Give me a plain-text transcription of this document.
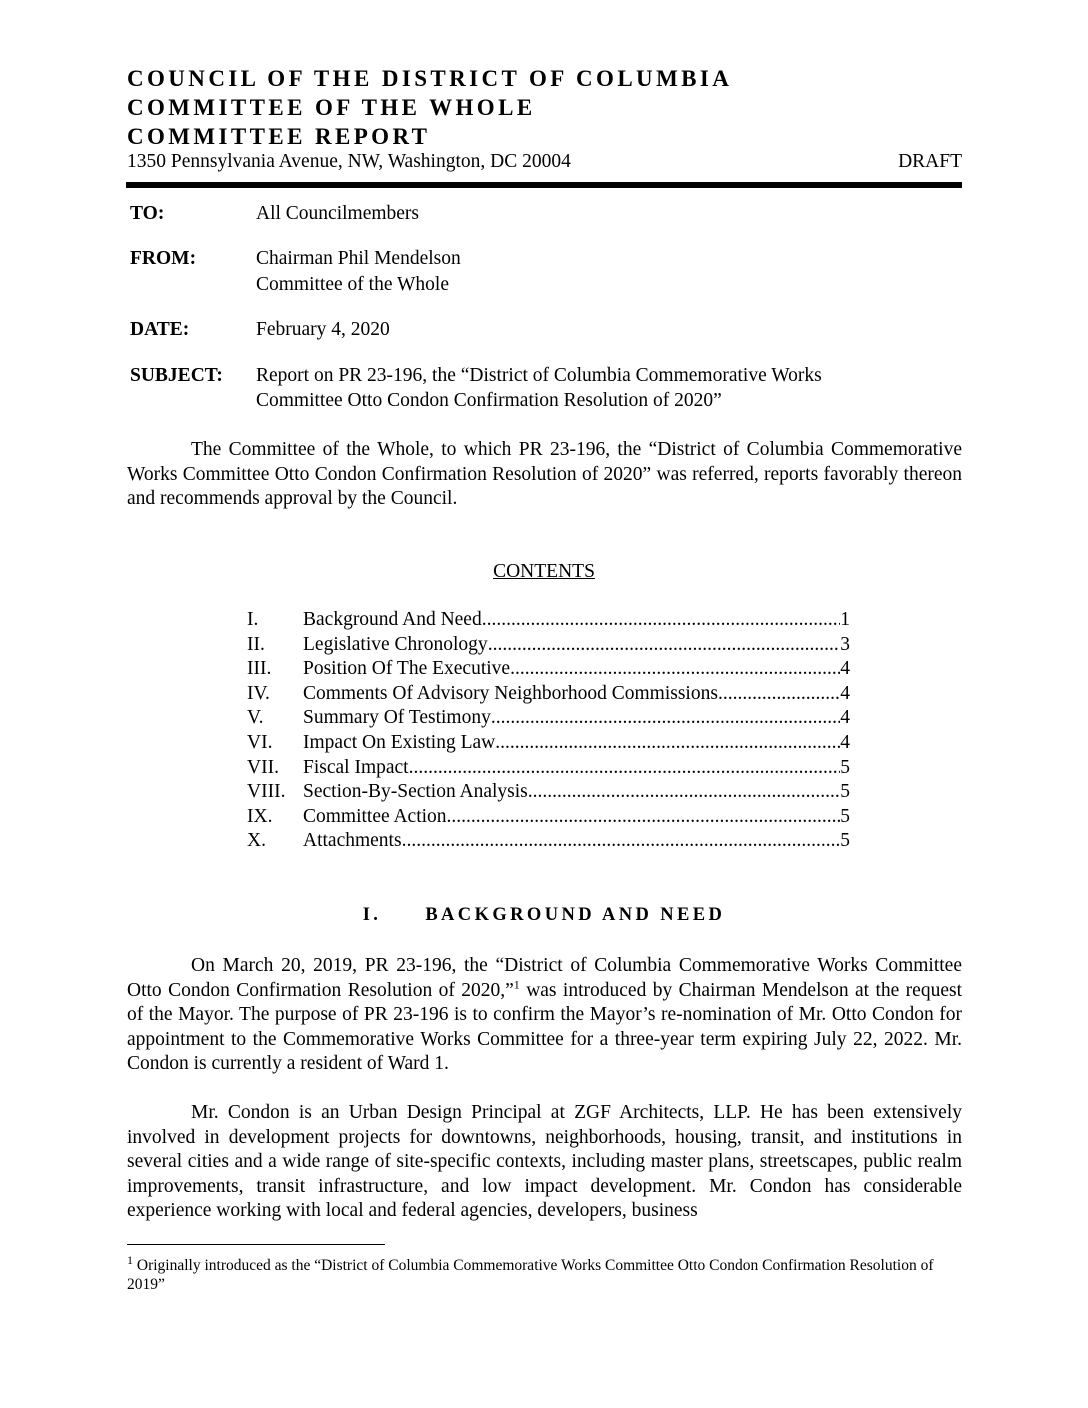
COUNCIL OF THE DISTRICT OF COLUMBIA
COMMITTEE OF THE WHOLE
COMMITTEE REPORT
1350 Pennsylvania Avenue, NW, Washington, DC 20004	DRAFT
TO:	All Councilmembers
FROM:	Chairman Phil Mendelson
Committee of the Whole
DATE:	February 4, 2020
SUBJECT: Report on PR 23-196, the “District of Columbia Commemorative Works
Committee Otto Condon Confirmation Resolution of 2020”

The Committee of the Whole, to which PR 23-196, the “District of Columbia Commemorative Works Committee Otto Condon Confirmation Resolution of 2020” was referred, reports favorably thereon and recommends approval by the Council.

CONTENTS
I. Background And Need .....	1
II. Legislative Chronology .....	3
III. Position Of The Executive .....	4
IV. Comments Of Advisory Neighborhood Commissions .....	4
V. Summary Of Testimony .....	4
VI. Impact On Existing Law .....	4
VII. Fiscal Impact .....	5
VIII. Section-By-Section Analysis .....	5
IX. Committee Action .....	5
X. Attachments .....	5
I. BACKGROUND AND NEED

On March 20, 2019, PR 23-196, the “District of Columbia Commemorative Works Committee Otto Condon Confirmation Resolution of 2020,”$^1$ was introduced by Chairman Mendelson at the request of the Mayor. The purpose of PR 23-196 is to confirm the Mayor’s re-nomination of Mr. Otto Condon for appointment to the Commemorative Works Committee for a three-year term expiring July 22, 2022. Mr. Condon is currently a resident of Ward 1.

Mr. Condon is an Urban Design Principal at ZGF Architects, LLP. He has been extensively involved in development projects for downtowns, neighborhoods, housing, transit, and institutions in several cities and a wide range of site-specific contexts, including master plans, streetscapes, public realm improvements, transit infrastructure, and low impact development. Mr. Condon has considerable experience working with local and federal agencies, developers, business

$^1$ Originally introduced as the “District of Columbia Commemorative Works Committee Otto Condon Confirmation Resolution of 2019”
